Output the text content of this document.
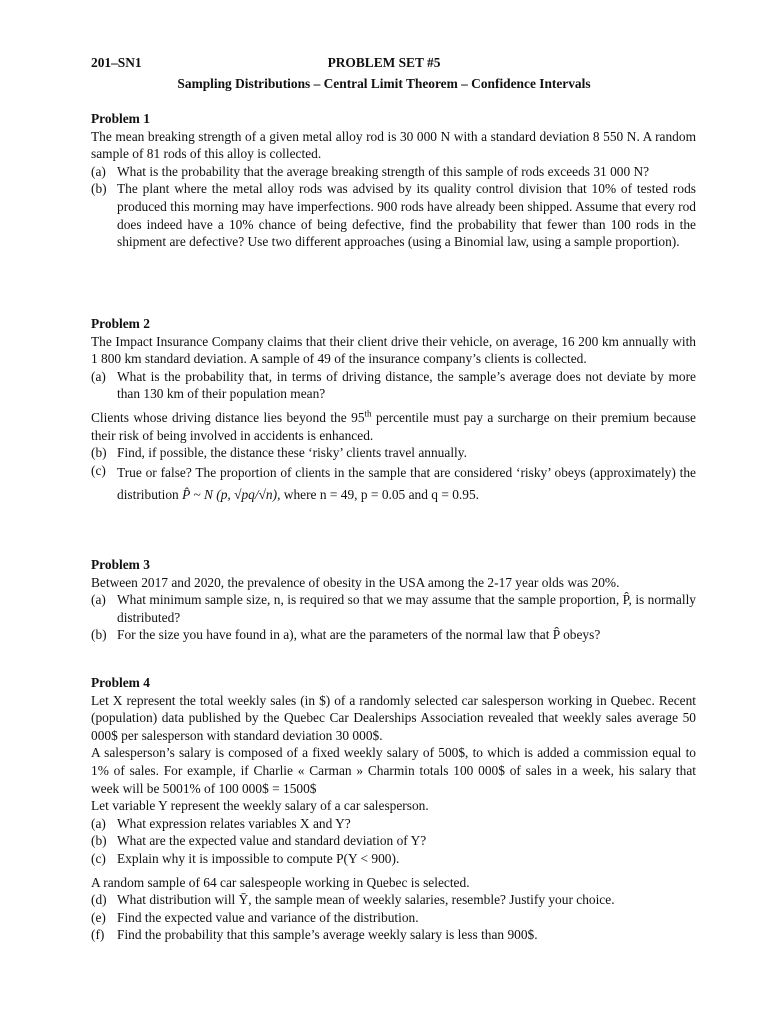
201–SN1	PROBLEM SET #5
Sampling Distributions – Central Limit Theorem – Confidence Intervals

Problem 1

The mean breaking strength of a given metal alloy rod is 30 000 N with a standard deviation 8 550 N. A random sample of 81 rods of this alloy is collected.

(a) What is the probability that the average breaking strength of this sample of rods exceeds 31 000 N?
(b) The plant where the metal alloy rods was advised by its quality control division that 10% of tested rods produced this morning may have imperfections. 900 rods have already been shipped. Assume that every rod does indeed have a 10% chance of being defective, find the probability that fewer than 100 rods in the shipment are defective? Use two different approaches (using a Binomial law, using a sample proportion).

Problem 2

The Impact Insurance Company claims that their client drive their vehicle, on average, 16 200 km annually with 1 800 km standard deviation. A sample of 49 of the insurance company’s clients is collected.

(a) What is the probability that, in terms of driving distance, the sample’s average does not deviate by more than 130 km of their population mean?

Clients whose driving distance lies beyond the 95th percentile must pay a surcharge on their premium because their risk of being involved in accidents is enhanced.

(b) Find, if possible, the distance these ‘risky’ clients travel annually.
(c) True or false? The proportion of clients in the sample that are considered ‘risky’ obeys (approximately) the distribution P̂ ~ N (p, √pq/√n), where n = 49, p = 0.05 and q = 0.95.

Problem 3

Between 2017 and 2020, the prevalence of obesity in the USA among the 2-17 year olds was 20%.

(a) What minimum sample size, n, is required so that we may assume that the sample proportion, P̂, is normally distributed?
(b) For the size you have found in a), what are the parameters of the normal law that P̂ obeys?

Problem 4

Let X represent the total weekly sales (in $) of a randomly selected car salesperson working in Quebec. Recent (population) data published by the Quebec Car Dealerships Association revealed that weekly sales average 50 000$ per salesperson with standard deviation 30 000$.

A salesperson’s salary is composed of a fixed weekly salary of 500$, to which is added a commission equal to 1% of sales. For example, if Charlie « Carman » Charmin totals 100 000$ of sales in a week, his salary that week will be 5001% of 100 000$ = 1500$

Let variable Y represent the weekly salary of a car salesperson.

(a) What expression relates variables X and Y?
(b) What are the expected value and standard deviation of Y?
(c) Explain why it is impossible to compute P(Y < 900).

A random sample of 64 car salespeople working in Quebec is selected.

(d) What distribution will Ȳ, the sample mean of weekly salaries, resemble? Justify your choice.
(e) Find the expected value and variance of the distribution.
(f) Find the probability that this sample’s average weekly salary is less than 900$.
